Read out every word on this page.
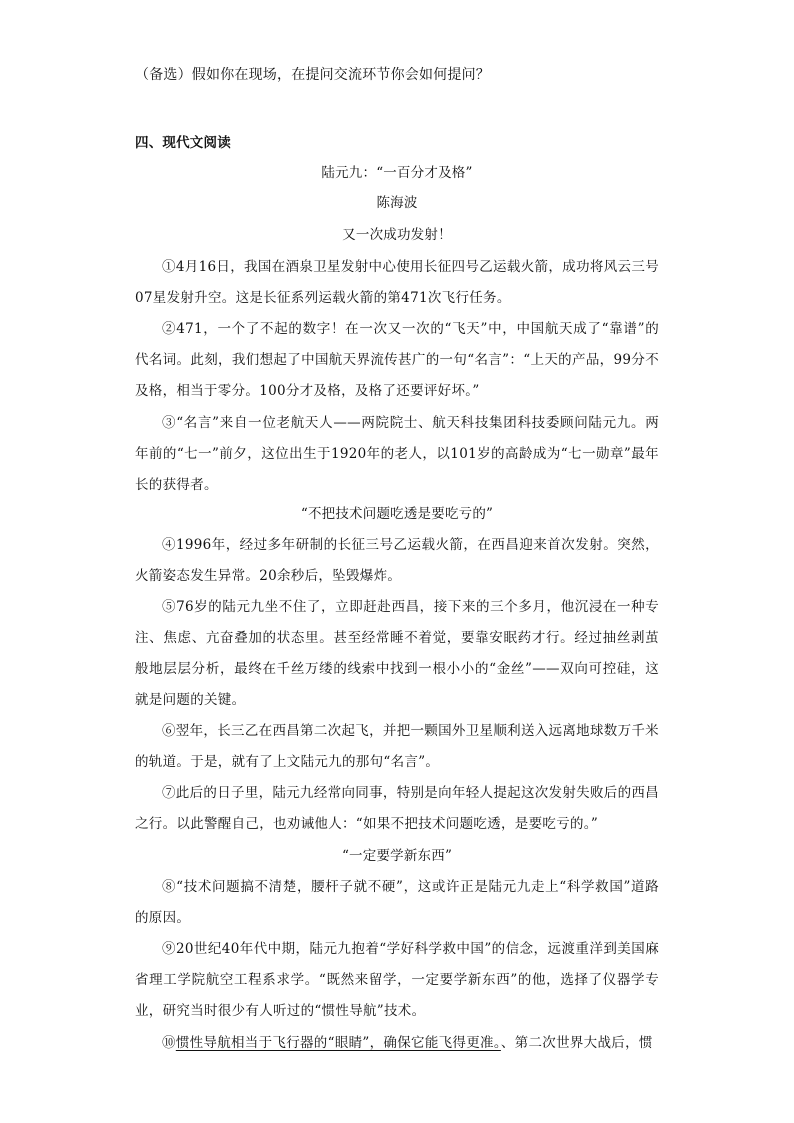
（备选）假如你在现场，在提问交流环节你会如何提问？
四、现代文阅读
陆元九：“一百分才及格”
陈海波
又一次成功发射！
①4月16日，我国在酒泉卫星发射中心使用长征四号乙运载火箭，成功将风云三号07星发射升空。这是长征系列运载火箭的第471次飞行任务。
②471，一个了不起的数字！在一次又一次的“飞天”中，中国航天成了“靠谱”的代名词。此刻，我们想起了中国航天界流传甚广的一句“名言”：“上天的产品，99分不及格，相当于零分。100分才及格，及格了还要评好坏。”
③“名言”来自一位老航天人——两院院士、航天科技集团科技委顾问陆元九。两年前的“七一”前夕，这位出生于1920年的老人，以101岁的高龄成为“七一勋章”最年长的获得者。
“不把技术问题吃透是要吃亏的”
④1996年，经过多年研制的长征三号乙运载火箭，在西昌迎来首次发射。突然，火箭姿态发生异常。20余秒后，坠毁爆炸。
⑤76岁的陆元九坐不住了，立即赶赴西昌，接下来的三个多月，他沉浸在一种专注、焦虑、亢奋叠加的状态里。甚至经常睡不着觉，要靠安眠药才行。经过抽丝剥茧般地层层分析，最终在千丝万缕的线索中找到一根小小的“金丝”——双向可控硅，这就是问题的关键。
⑥翌年，长三乙在西昌第二次起飞，并把一颗国外卫星顺利送入远离地球数万千米的轨道。于是，就有了上文陆元九的那句“名言”。
⑦此后的日子里，陆元九经常向同事，特别是向年轻人提起这次发射失败后的西昌之行。以此警醒自己，也劝诫他人：“如果不把技术问题吃透，是要吃亏的。”
“一定要学新东西”
⑧“技术问题搞不清楚，腰杆子就不硬”，这或许正是陆元九走上“科学救国”道路的原因。
⑨20世纪40年代中期，陆元九抱着“学好科学救中国”的信念，远渡重洋到美国麻省理工学院航空工程系求学。“既然来留学，一定要学新东西”的他，选择了仪器学专业，研究当时很少有人听过的“惯性导航”技术。
⑩惯性导航相当于飞行器的“眼睛”，确保它能飞得更准。、第二次世界大战后，惯
